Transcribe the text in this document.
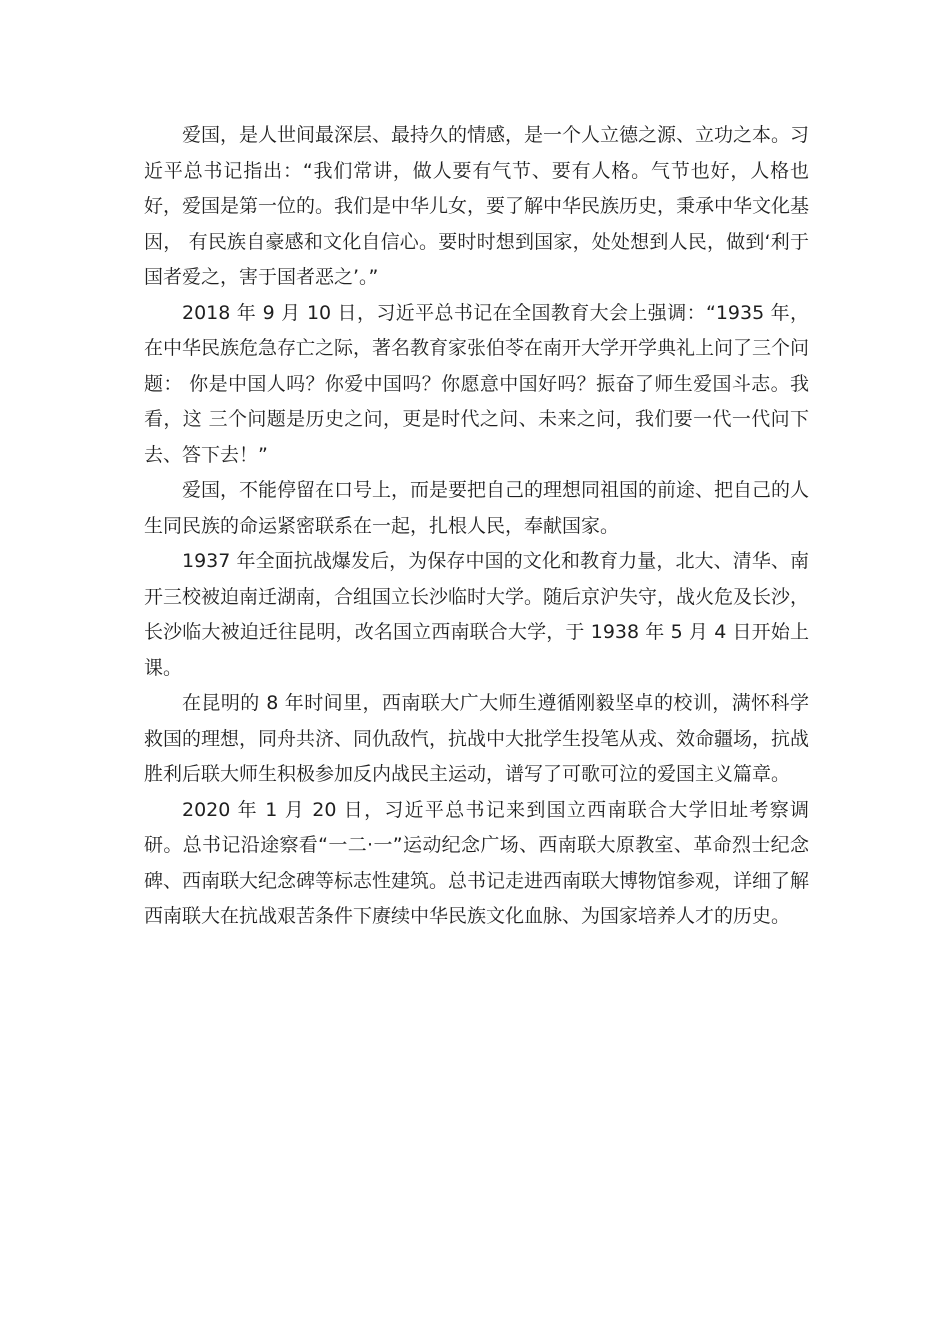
爱国，是人世间最深层、最持久的情感，是一个人立德之源、立功之本。习近平总书记指出：“我们常讲，做人要有气节、要有人格。气节也好，人格也好，爱国是第一位的。我们是中华儿女，要了解中华民族历史，秉承中华文化基因， 有民族自豪感和文化自信心。要时时想到国家，处处想到人民，做到‘利于国者爱之，害于国者恶之’。”

2018 年 9 月 10 日，习近平总书记在全国教育大会上强调：“1935 年，在中华民族危急存亡之际，著名教育家张伯苓在南开大学开学典礼上问了三个问题： 你是中国人吗？你爱中国吗？你愿意中国好吗？振奋了师生爱国斗志。我看，这 三个问题是历史之问，更是时代之问、未来之问，我们要一代一代问下去、答下去！”

爱国，不能停留在口号上，而是要把自己的理想同祖国的前途、把自己的人生同民族的命运紧密联系在一起，扎根人民，奉献国家。

1937 年全面抗战爆发后，为保存中国的文化和教育力量，北大、清华、南开三校被迫南迁湖南，合组国立长沙临时大学。随后京沪失守，战火危及长沙，长沙临大被迫迁往昆明，改名国立西南联合大学，于 1938 年 5 月 4 日开始上课。

在昆明的 8 年时间里，西南联大广大师生遵循刚毅坚卓的校训，满怀科学救国的理想，同舟共济、同仇敌忾，抗战中大批学生投笔从戎、效命疆场，抗战胜利后联大师生积极参加反内战民主运动，谱写了可歌可泣的爱国主义篇章。

2020 年 1 月 20 日，习近平总书记来到国立西南联合大学旧址考察调研。总书记沿途察看“一二·一”运动纪念广场、西南联大原教室、革命烈士纪念碑、西南联大纪念碑等标志性建筑。总书记走进西南联大博物馆参观，详细了解西南联大在抗战艰苦条件下赓续中华民族文化血脉、为国家培养人才的历史。
